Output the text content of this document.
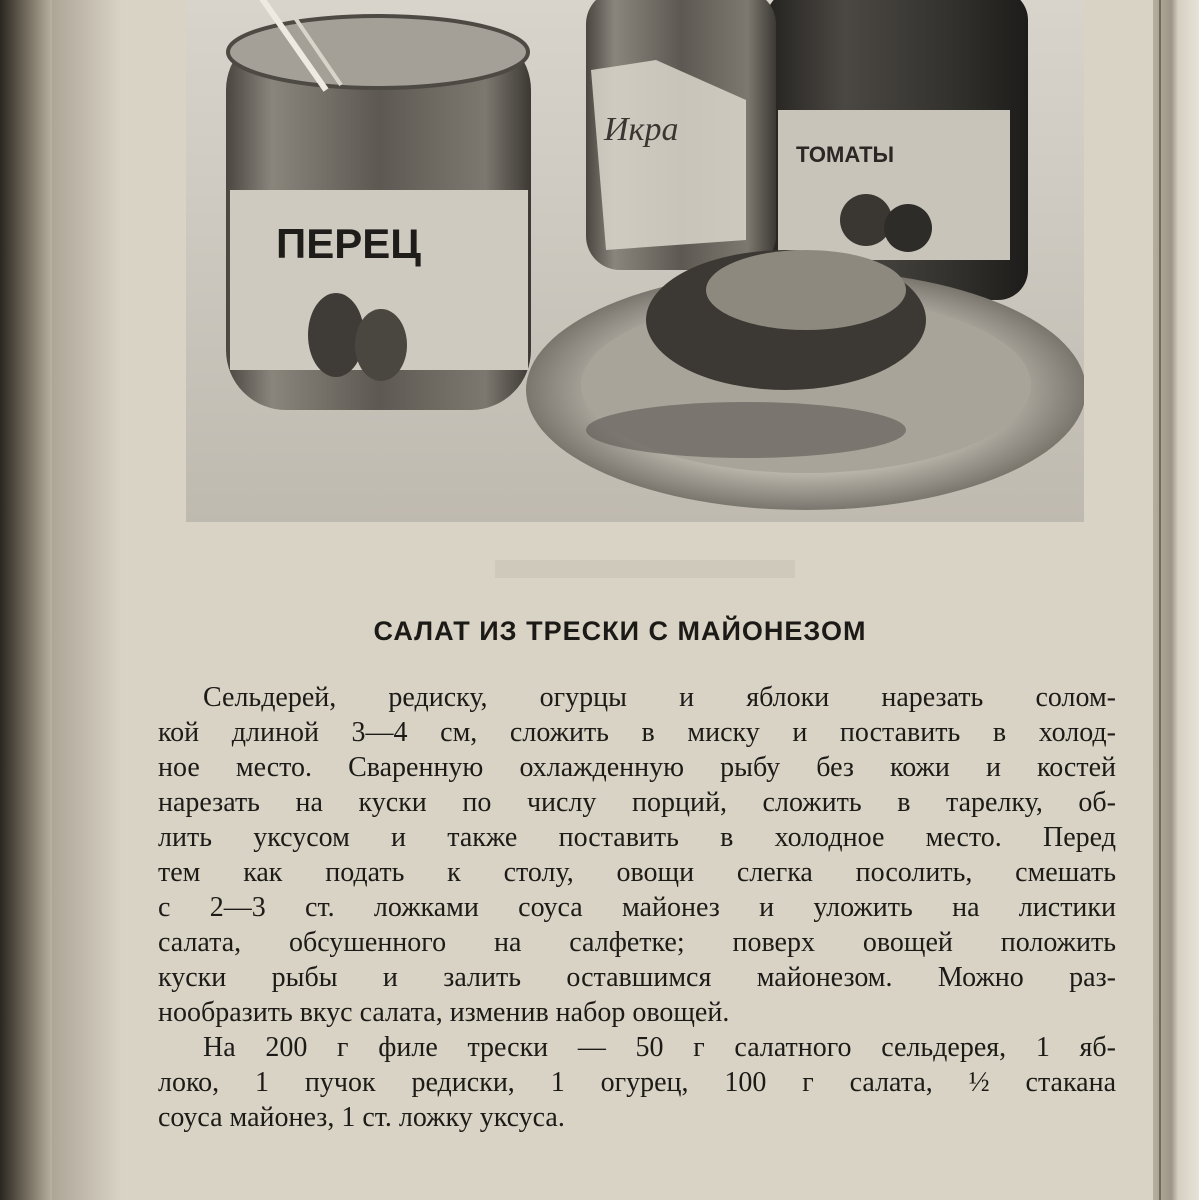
ТОМАТЫ
Икра
ПЕРЕЦ
САЛАТ ИЗ ТРЕСКИ С МАЙОНЕЗОМ
Сельдерей, редиску, огурцы и яблоки нарезать солом-
кой длиной 3—4 см, сложить в миску и поставить в холод-
ное место. Сваренную охлажденную рыбу без кожи и костей
нарезать на куски по числу порций, сложить в тарелку, об-
лить уксусом и также поставить в холодное место. Перед
тем как подать к столу, овощи слегка посолить, смешать
с 2—3 ст. ложками соуса майонез и уложить на листики
салата, обсушенного на салфетке; поверх овощей положить
куски рыбы и залить оставшимся майонезом. Можно раз-
нообразить вкус салата, изменив набор овощей.
На 200 г филе трески — 50 г салатного сельдерея, 1 яб-
локо, 1 пучок редиски, 1 огурец, 100 г салата, ½ стакана
соуса майонез, 1 ст. ложку уксуса.
